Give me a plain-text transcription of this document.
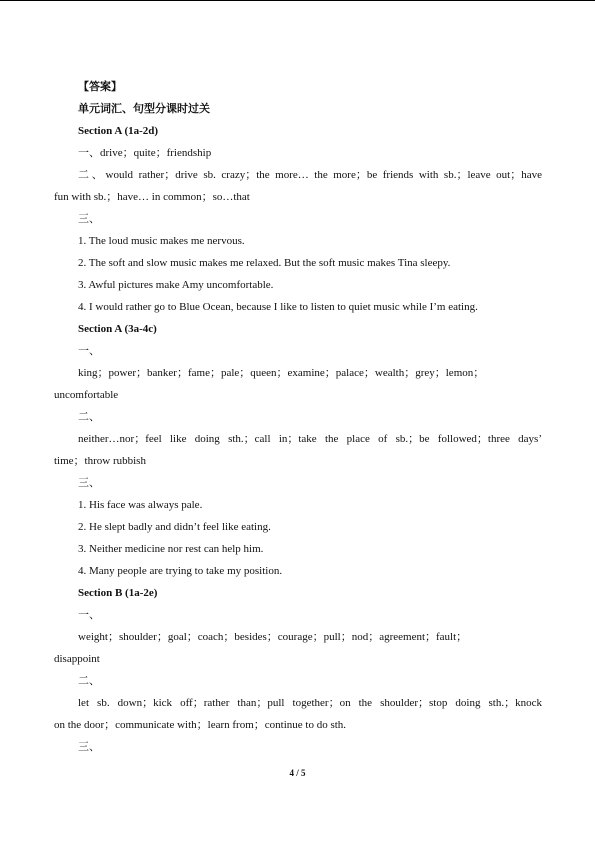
【答案】
单元词汇、句型分课时过关
Section A (1a-2d)
一、drive；quite；friendship
二、would rather；drive sb. crazy；the more… the more；be friends with sb.；leave out；have
fun with sb.；have… in common；so…that
三、
1. The loud music makes me nervous.
2. The soft and slow music makes me relaxed. But the soft music makes Tina sleepy.
3. Awful pictures make Amy uncomfortable.
4. I would rather go to Blue Ocean, because I like to listen to quiet music while I’m eating.
Section A (3a-4c)
一、
king；power；banker；fame；pale；queen；examine；palace；wealth；grey；lemon；
uncomfortable
二、
neither…nor；feel like doing sth.；call in；take the place of sb.；be followed；three days’
time；throw rubbish
三、
1. His face was always pale.
2. He slept badly and didn’t feel like eating.
3. Neither medicine nor rest can help him.
4. Many people are trying to take my position.
Section B (1a-2e)
一、
weight；shoulder；goal；coach；besides；courage；pull；nod；agreement；fault；
disappoint
二、
let sb. down；kick off；rather than；pull together；on the shoulder；stop doing sth.；knock
on the door；communicate with；learn from；continue to do sth.
三、
4 / 5
